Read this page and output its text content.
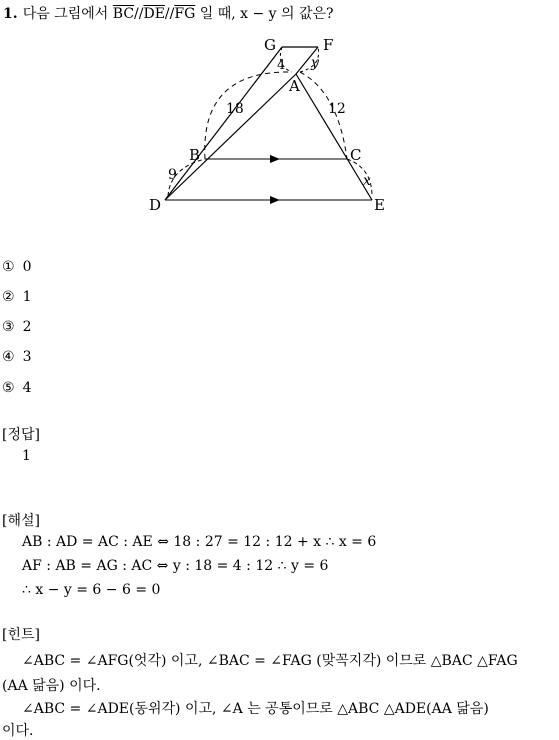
1. 다음 그림에서 $\overline{BC}//\overline{DE}//\overline{FG}$ 일 때, x − y 의 값은?
G	F
A
B	C
D	E
4 y
18	12
9	x
① 0
② 1
③ 2
④ 3
⑤ 4
[정답]
1
[해설]
AB : AD = AC : AE ⇔ 18 : 27 = 12 : 12 + x ∴ x = 6
AF : AB = AG : AC ⇔ y : 18 = 4 : 12 ∴ y = 6
∴ x − y = 6 − 6 = 0
[힌트]
∠ABC = ∠AFG(엇각) 이고, ∠BAC = ∠FAG (맞꼭지각) 이므로 △BAC △FAG
(AA 닮음) 이다.
∠ABC = ∠ADE(동위각) 이고, ∠A 는 공통이므로 △ABC △ADE(AA 닮음)
이다.
